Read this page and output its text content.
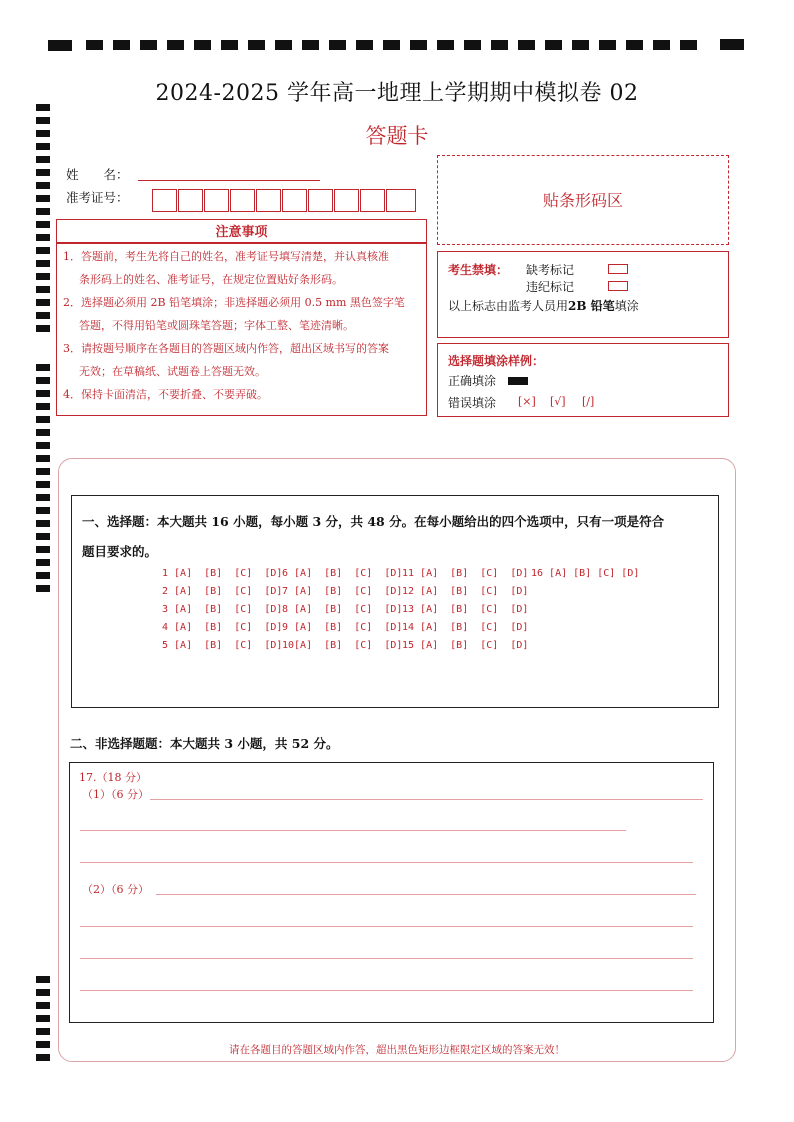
2024-2025 学年高一地理上学期期中模拟卷 02
答题卡
姓　　名：
准考证号：	贴条形码区
注意事项
1．答题前，考生先将自己的姓名，准考证号填写清楚，并认真核准
条形码上的姓名、准考证号，在规定位置贴好条形码。
2．选择题必须用 2B 铅笔填涂；非选择题必须用 0.5 mm 黑色签字笔
答题，不得用铅笔或圆珠笔答题；字体工整、笔迹清晰。
3．请按题号顺序在各题目的答题区域内作答，超出区域书写的答案
无效；在草稿纸、试题卷上答题无效。
4．保持卡面清洁，不要折叠、不要弄破。
考生禁填： 缺考标记
违纪标记
以上标志由监考人员用2B 铅笔填涂
选择题填涂样例：
正确填涂
错误填涂 [×] [√] [/]
一、选择题：本大题共 16 小题，每小题 3 分，共 48 分。在每小题给出的四个选项中，只有一项是符合
题目要求的。
1 [A]  [B]  [C]  [D] 6 [A]  [B]  [C]  [D] 11 [A]  [B]  [C]  [D] 16 [A] [B] [C] [D]
2 [A]  [B]  [C]  [D] 7 [A]  [B]  [C]  [D] 12 [A]  [B]  [C]  [D]
3 [A]  [B]  [C]  [D] 8 [A]  [B]  [C]  [D] 13 [A]  [B]  [C]  [D]
4 [A]  [B]  [C]  [D] 9 [A]  [B]  [C]  [D] 14 [A]  [B]  [C]  [D]
5 [A]  [B]  [C]  [D] 10[A]  [B]  [C]  [D] 15 [A]  [B]  [C]  [D]
二、非选择题题：本大题共 3 小题，共 52 分。
17.（18 分）
（1）（6 分）
（2）（6 分）
请在各题目的答题区域内作答，超出黑色矩形边框限定区域的答案无效！
